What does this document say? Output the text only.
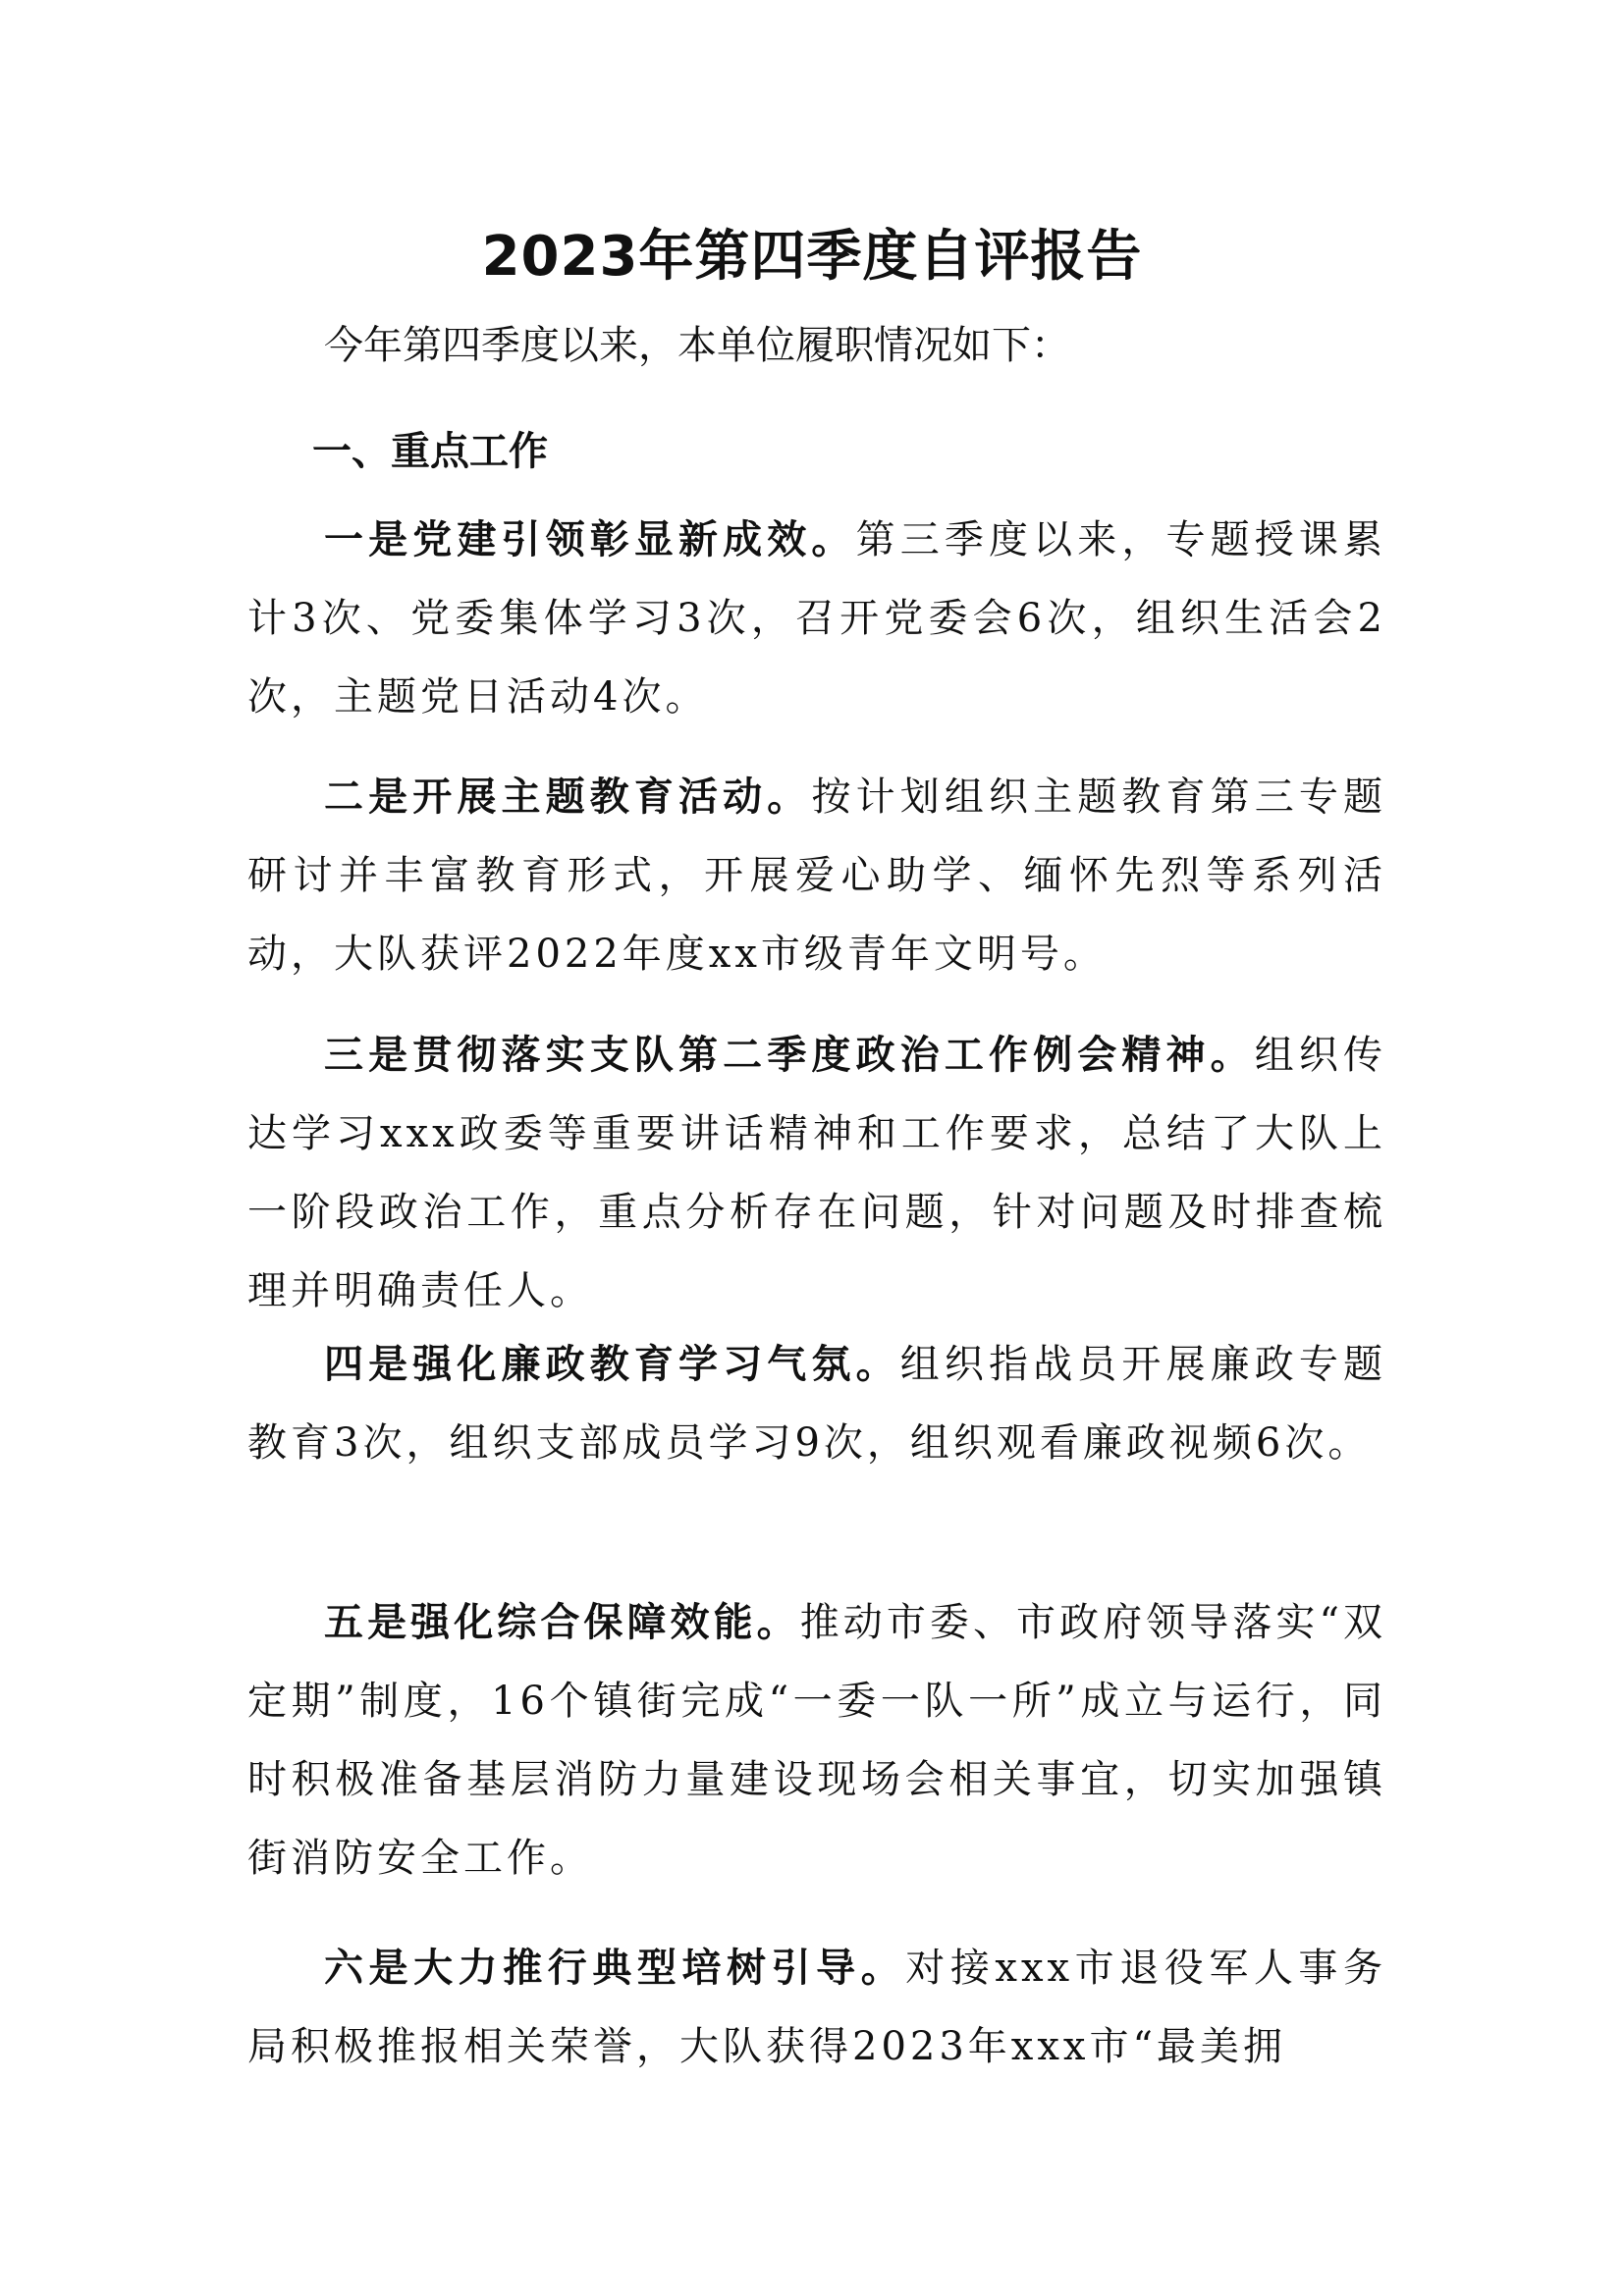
2023年第四季度自评报告
今年第四季度以来，本单位履职情况如下：
一、重点工作

一是党建引领彰显新成效。第三季度以来，专题授课累计3次、党委集体学习3次，召开党委会6次，组织生活会2次，主题党日活动4次。

二是开展主题教育活动。按计划组织主题教育第三专题研讨并丰富教育形式，开展爱心助学、缅怀先烈等系列活动，大队获评2022年度xx市级青年文明号。

三是贯彻落实支队第二季度政治工作例会精神。组织传达学习xxx政委等重要讲话精神和工作要求，总结了大队上一阶段政治工作，重点分析存在问题，针对问题及时排查梳理并明确责任人。

四是强化廉政教育学习气氛。组织指战员开展廉政专题教育3次，组织支部成员学习9次，组织观看廉政视频6次。

五是强化综合保障效能。推动市委、市政府领导落实“双定期”制度，16个镇街完成“一委一队一所”成立与运行，同时积极准备基层消防力量建设现场会相关事宜，切实加强镇街消防安全工作。

六是大力推行典型培树引导。对接xxx市退役军人事务局积极推报相关荣誉，大队获得2023年xxx市“最美拥
